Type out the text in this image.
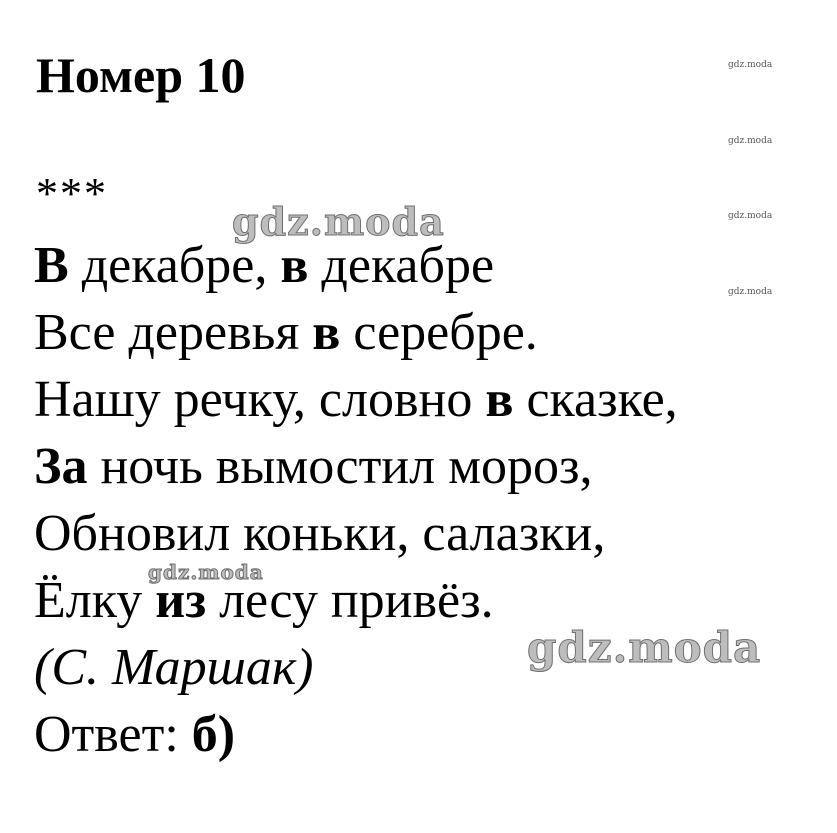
Номер 10
***
В декабре, в декабре
Все деревья в серебре.
Нашу речку, словно в сказке,
За ночь вымостил мороз,
Обновил коньки, салазки,
Ёлку из лесу привёз.
(С. Маршак)
Ответ: б)
gdz.moda
gdz.moda
gdz.moda
gdz.moda
gdz.moda
gdz.moda
gdz.moda
